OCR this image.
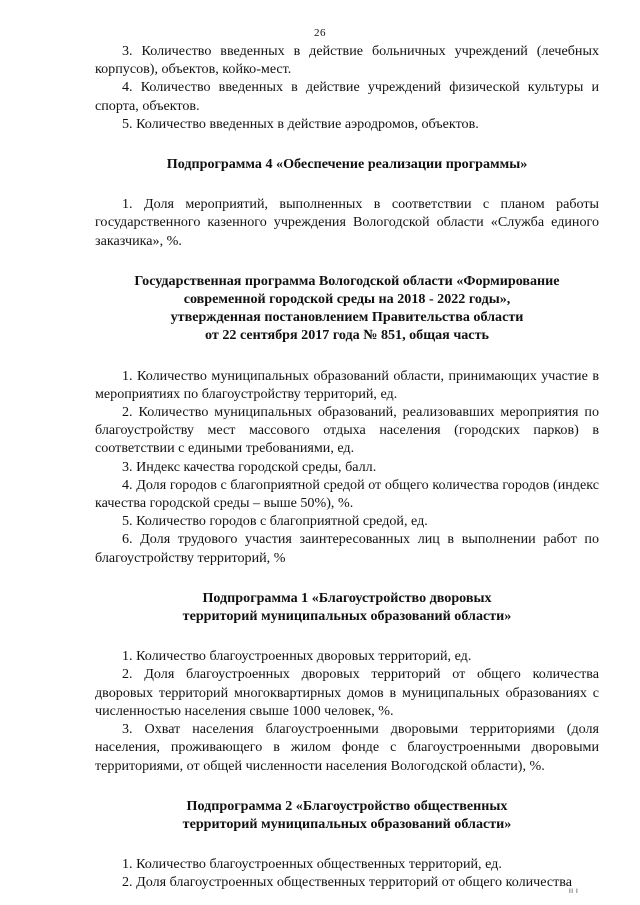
26

3. Количество введенных в действие больничных учреждений (лечебных корпусов), объектов, койко-мест.

4. Количество введенных в действие учреждений физической культуры и спорта, объектов.

5. Количество введенных в действие аэродромов, объектов.

Подпрограмма 4 «Обеспечение реализации программы»

1. Доля мероприятий, выполненных в соответствии с планом работы государственного казенного учреждения Вологодской области «Служба единого заказчика», %.

Государственная программа Вологодской области «Формирование
современной городской среды на 2018 - 2022 годы»,
утвержденная постановлением Правительства области
от 22 сентября 2017 года № 851, общая часть

1. Количество муниципальных образований области, принимающих участие в мероприятиях по благоустройству территорий, ед.

2. Количество муниципальных образований, реализовавших мероприятия по благоустройству мест массового отдыха населения (городских парков) в соответствии с едиными требованиями, ед.

3. Индекс качества городской среды, балл.

4. Доля городов с благоприятной средой от общего количества городов (индекс качества городской среды – выше 50%), %.

5. Количество городов с благоприятной средой, ед.

6. Доля трудового участия заинтересованных лиц в выполнении работ по благоустройству территорий, %

Подпрограмма 1 «Благоустройство дворовых
территорий муниципальных образований области»

1. Количество благоустроенных дворовых территорий, ед.

2. Доля благоустроенных дворовых территорий от общего количества дворовых территорий многоквартирных домов в муниципальных образованиях с численностью населения свыше 1000 человек, %.

3. Охват населения благоустроенными дворовыми территориями (доля населения, проживающего в жилом фонде с благоустроенными дворовыми территориями, от общей численности населения Вологодской области), %.

Подпрограмма 2 «Благоустройство общественных
территорий муниципальных образований области»

1. Количество благоустроенных общественных территорий, ед.

2. Доля благоустроенных общественных территорий от общего количества

ıı ı
